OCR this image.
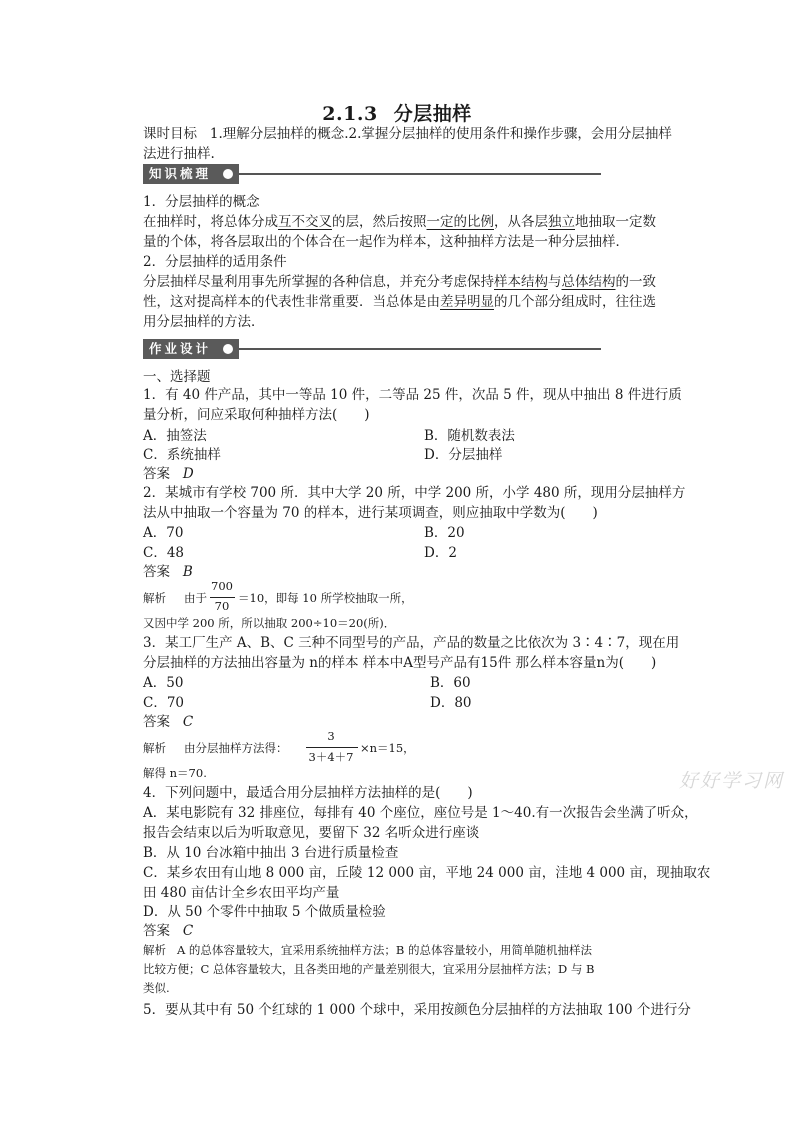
2.1.3 分层抽样
课时目标 1.理解分层抽样的概念.2.掌握分层抽样的使用条件和操作步骤，会用分层抽样
法进行抽样.
知识梳理
1．分层抽样的概念
在抽样时，将总体分成互不交叉的层，然后按照一定的比例，从各层独立地抽取一定数
量的个体，将各层取出的个体合在一起作为样本，这种抽样方法是一种分层抽样．
2．分层抽样的适用条件
分层抽样尽量利用事先所掌握的各种信息，并充分考虑保持样本结构与总体结构的一致
性，这对提高样本的代表性非常重要．当总体是由差异明显的几个部分组成时，往往选
用分层抽样的方法．
作业设计
一、选择题
1．有 40 件产品，其中一等品 10 件，二等品 25 件，次品 5 件，现从中抽出 8 件进行质
量分析，问应采取何种抽样方法(　　)
A．抽签法	B．随机数表法
C．系统抽样	D．分层抽样
答案 D
2．某城市有学校 700 所．其中大学 20 所，中学 200 所，小学 480 所，现用分层抽样方
法从中抽取一个容量为 70 的样本，进行某项调查，则应抽取中学数为(　　)
A．70	B．20
C．48	D．2
答案 B
解析 由于
700
70
＝10，即每 10 所学校抽取一所，
又因中学 200 所，所以抽取 200÷10＝20(所)．
3．某工厂生产 A、B、C 三种不同型号的产品，产品的数量之比依次为 3∶4∶7，现在用
分层抽样的方法抽出容量为 n的样本 样本中A型号产品有15件 那么样本容量n为(　　)
A．50	B．60
C．70	D．80
答案 C
解析 由分层抽样方法得：
3
3＋4＋7
×n＝15，
解得 n＝70.
4．下列问题中，最适合用分层抽样方法抽样的是(　　)
A．某电影院有 32 排座位，每排有 40 个座位，座位号是 1～40.有一次报告会坐满了听众，
报告会结束以后为听取意见，要留下 32 名听众进行座谈
B．从 10 台冰箱中抽出 3 台进行质量检查
C．某乡农田有山地 8 000 亩，丘陵 12 000 亩，平地 24 000 亩，洼地 4 000 亩，现抽取农
田 480 亩估计全乡农田平均产量
D．从 50 个零件中抽取 5 个做质量检验
答案 C
解析 A 的总体容量较大，宜采用系统抽样方法；B 的总体容量较小，用简单随机抽样法
比较方便；C 总体容量较大，且各类田地的产量差别很大，宜采用分层抽样方法；D 与 B
类似.
5．要从其中有 50 个红球的 1 000 个球中，采用按颜色分层抽样的方法抽取 100 个进行分
好好学习网
